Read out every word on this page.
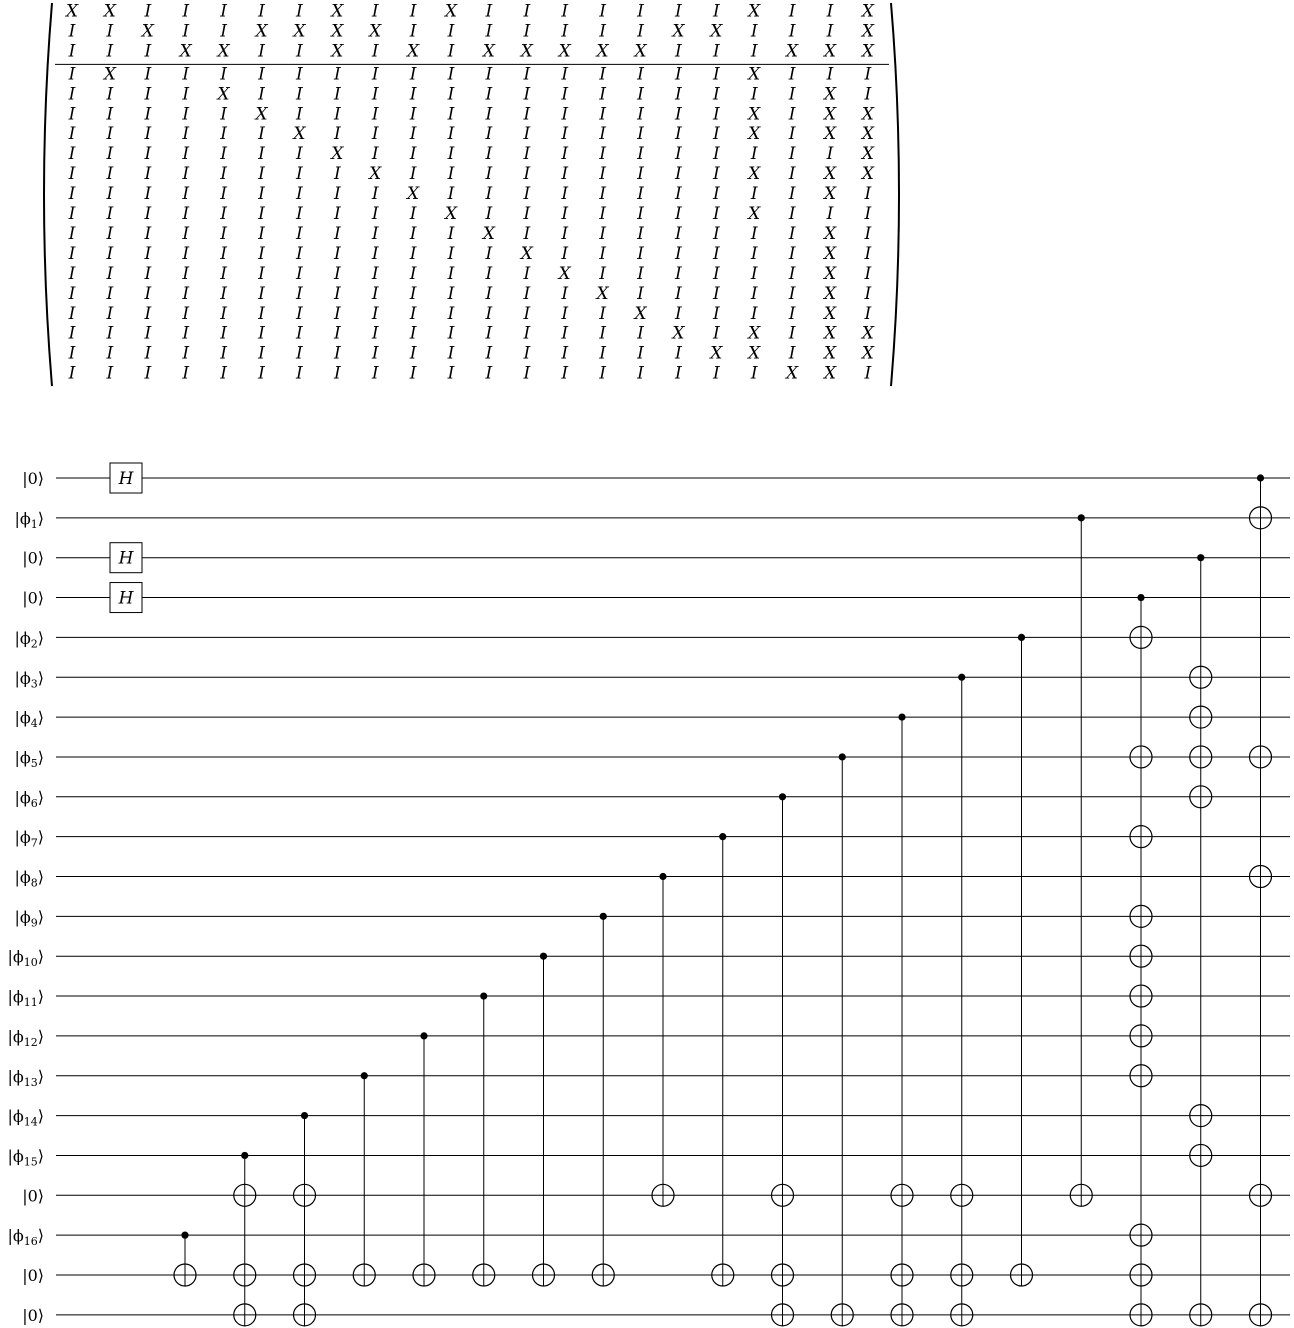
X X I I I I I X I I X I I I I I I I X I I X
I I X I I X X X X I I I I I I I X X I I I X
I I I X X I I X I X I X X X X X I I I X X X
I X I I I I I I I I I I I I I I I I X I I I
I I I I X I I I I I I I I I I I I I I I X I
I I I I I X I I I I I I I I I I I I X I X X
I I I I I I X I I I I I I I I I I I X I X X
I I I I I I I X I I I I I I I I I I I I I X
I I I I I I I I X I I I I I I I I I X I X X
I I I I I I I I I X I I I I I I I I I I X I
I I I I I I I I I I X I I I I I I I X I I I
I I I I I I I I I I I X I I I I I I I I X I
I I I I I I I I I I I I X I I I I I I I X I
I I I I I I I I I I I I I X I I I I I I X I
I I I I I I I I I I I I I I X I I I I I X I
I I I I I I I I I I I I I I I X I I I I X I
I I I I I I I I I I I I I I I I X I X I X X
I I I I I I I I I I I I I I I I I X X I X X
I I I I I I I I I I I I I I I I I I I X X I
|0⟩
$|\phi_1⟩$
|0⟩
|0⟩
$|\phi_2⟩$
$|\phi_3⟩$
$|\phi_4⟩$
$|\phi_5⟩$
$|\phi_6⟩$
$|\phi_7⟩$
$|\phi_8⟩$
$|\phi_9⟩$
$|\phi_{10}⟩$
$|\phi_{11}⟩$
$|\phi_{12}⟩$
$|\phi_{13}⟩$
$|\phi_{14}⟩$
$|\phi_{15}⟩$
|0⟩
$|\phi_{16}⟩$
|0⟩
|0⟩
H
H
H
